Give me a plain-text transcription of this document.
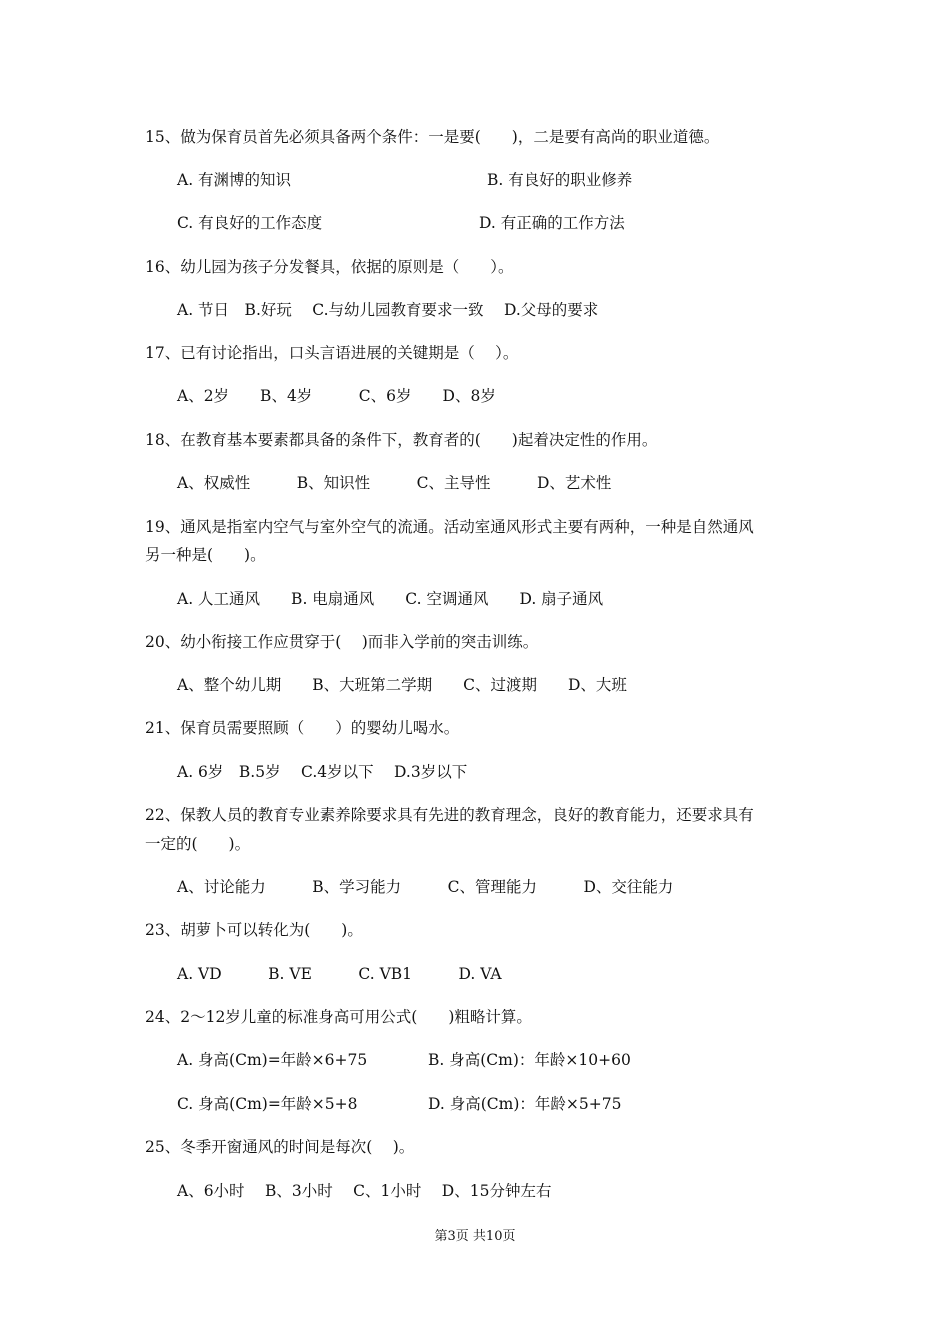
15、做为保育员首先必须具备两个条件：一是要(　　)，二是要有高尚的职业道德。
A. 有渊博的知识	B. 有良好的职业修养
C. 有良好的工作态度	D. 有正确的工作方法
16、幼儿园为孩子分发餐具，依据的原则是（　　）。
A. 节日　B.好玩　 C.与幼儿园教育要求一致　 D.父母的要求
17、已有讨论指出，口头言语进展的关键期是（　 ）。
A、2岁　　B、4岁　　　C、6岁　　D、8岁
18、在教育基本要素都具备的条件下，教育者的(　　)起着决定性的作用。
A、权威性　　　B、知识性　　　C、主导性　　　D、艺术性
19、通风是指室内空气与室外空气的流通。活动室通风形式主要有两种，一种是自然通风
另一种是(　　)。
A. 人工通风　　B. 电扇通风　　C. 空调通风　　D. 扇子通风
20、幼小衔接工作应贯穿于(　 )而非入学前的突击训练。
A、整个幼儿期　　B、大班第二学期　　C、过渡期　　D、大班
21、保育员需要照顾（　　）的婴幼儿喝水。
A. 6岁　B.5岁　 C.4岁以下　 D.3岁以下
22、保教人员的教育专业素养除要求具有先进的教育理念，良好的教育能力，还要求具有
一定的(　　)。
A、讨论能力　　　B、学习能力　　　C、管理能力　　　D、交往能力
23、胡萝卜可以转化为(　　)。
A. VD　　　B. VE　　　C. VB1　　　D. VA
24、2～12岁儿童的标准身高可用公式(　　)粗略计算。
A. 身高(Cm)=年龄×6+75	B. 身高(Cm)：年龄×10+60
C. 身高(Cm)=年龄×5+8	D. 身高(Cm)：年龄×5+75
25、冬季开窗通风的时间是每次(　 )。
A、6小时　 B、3小时　 C、1小时　 D、15分钟左右
第3页 共10页
